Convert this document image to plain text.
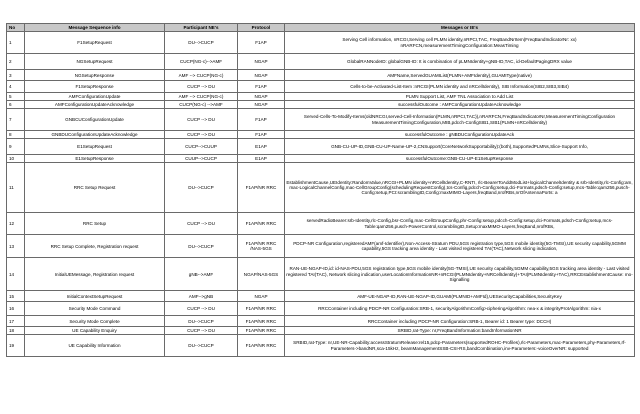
No	Message Sequence info	Participant NE's	Protocol	Messages or IE's
1	F1SetupRequest	DU-->CUCP	F1AP	Serving Cell information, nRCGI,Serving cell PLMN identity,nRPCI,TAC, FreqBandNrItem(FreqBandIndicatorNr: xx) nRARFCN,measurementTimingConfiguration:MeasTiming
2	NGSetupRequest	CUCP(NG-c)-->AMF	NGAP	GlobalRANNodeID: globalGNB-ID: It is combination of pLMNIdentity+gNB-ID,TAC, id-DefaultPagingDRX value
3	NGSetupResponse	AMF --> CUCP(NG-c)	NGAP	AMFName,ServedGUAMIList(PLMN+AMFIdentity),GUAMIType(native)
4	F1SetupResponse	CUCP --> DU	F1AP	Cells-to-be-Activated-List-Item :nRCGI(PLMN identity and nRCellIdentity), SIB Information(SIB2,SIB3,SIB4)
5	AMFConfigurationUpdate	AMF --> CUCP(NG-c)	NGAP	PLMN Support List, AMF TNL Association to Add List
6	AMFConfigurationUpdateAcknowledge	CUCP(NG-c) -->AMF	NGAP	successfulOutcome : AMFConfigurationUpdateAcknowledge
7	GNBCUConfigurationUpdate	CUCP --> DU	F1AP	Served-Cells-To-Modify-Items(oldNRCGI,served-Cell-Information(PLMN,nRPCI,TAC)),nRARFCN,FreqBandIndicatorNr,MeasurementTimingConfiguration MeasurementTimingConfiguration,MIB,pdcch-ConfigSIB1,SIB1(PLMN+nRCellIdentity)
8	GNBDUConfigurationUpdateAcknowledge	CUCP --> DU	F1AP	successfulOutcome : gNBDUConfigurationUpdateAck
9	E1SetupRequest	CUCP-->CUUP	E1AP	GNB-CU-UP-ID,GNB-CU-UP-Name-UP-2,CNSupport(CoreNetworkSupportability):(both),SupportedPLMNs,Slice-Support Info,
10	E1SetupResponse	CUUP-->CUCP	E1AP	successfulOutcome:GNB-CU-UP-E1SetupResponse
11	RRC Setup Request	DU-->CUCP	F1AP/NR RRC	EstablishmentCause,UEIdentity:RandomValue,nRCGI+PLMN identity+nRCellIdentity,C-RNTI, rlc-BearerToAddModList+logicalChannelIdentity & srb-Identity,rlc-Config:am, mac-LogicalChannelConfig,mac-CellGroupConfig(schedulingRequestConfig),tcs-Config,pdcch-Config:setup,dci-Formats,pdsch-Config:setup,mcs-Table:qam256,pusch-Config:setup,PCI:scramblingID,Config:maxMIMO-Layers,freqBand,nrofRBs,nrOfAntennaPorts: a
12	RRC Setup	CUCP --> DU	F1AP/NR RRC	servedRadioBearer:srb-Identity,rlc-Config,bsr-Config,mac-CellGroupConfig,phr-Config:setup,pdcch-Config:setup,dci-Formats,pdsch-Config:setup,mcs-Table:qam256,pusch-PowerControl,scramblingID,Setup:maxMIMO-Layers,freqBand,nrofRBs,
13	RRC Setup Complete, Registration request	DU-->CUCP	F1AP/NR RRC /NAS-5GS	PDCP-NR Configuration,registeredAMF(amf-Identifier),Non-Access-Stratum PDU,5GS registration type,5GS mobile identity(5G-TMSI),UE security capability,5GMM capability,5GS tracking area identity - Last visited registered TAI(TAC),Network slicing indication,
14	InitialUEMessage, Registration request	gNB-->AMF	NGAP/NAS-5GS	RAN-UE-NGAP-ID,id: id-NAS-PDU,5GS registration type,5GS mobile identity(5G-TMSI),UE security capability,5GMM capability,5GS tracking area identity - Last visited registered TAI(TAC), Network slicing indication,userLocationInformationNR+nRCGI(PLMNIdentity+NRCellIdentity)+TAI(PLMNIdentity+TAC),RRCEstablishmentCause: mo-Signalling
15	InitialContextSetupRequest	AMF-->gNB	NGAP	AMF-UE-NGAP-ID,RAN-UE-NGAP-ID,GUAMI(PLMNID+AMFId),UESecurityCapabilities,SecurityKey
16	Security Mode Command	CUCP --> DU	F1AP/NR RRC	RRCContainer including PDCP-NR Configuration:SRB-1, securityAlgorithmConfig>cipheringAlgorithm: nea-x & integrityProtAlgorithm: nia-x
17	Security Mode Complete	DU-->CUCP	F1AP/NR RRC	RRCContainer including PDCP-NR Configuration:SRB-1, Bearer id: 1 Bearer type: DCCH)
18	UE Capability Enquiry	CUCP --> DU	F1AP/NR RRC	SRBID,rat-Type: nr,FreqBandInformation:bandInformationNR
19	UE Capability Information	DU-->CUCP	F1AP/NR RRC	SRBID,rat-Type: nr,UE-NR-Capability:accessStratumRelease:rel15,pdcp-Parameters(supportedROHC-Profiles),rlc-Parameters,mac-Parameters,phy-Parameters,rf-Parameters->bandNR,sca-15kHz, beamManagementSSB-CSI-RS,bandCombination,inv-Parameters:-voiceOverNR: supported
